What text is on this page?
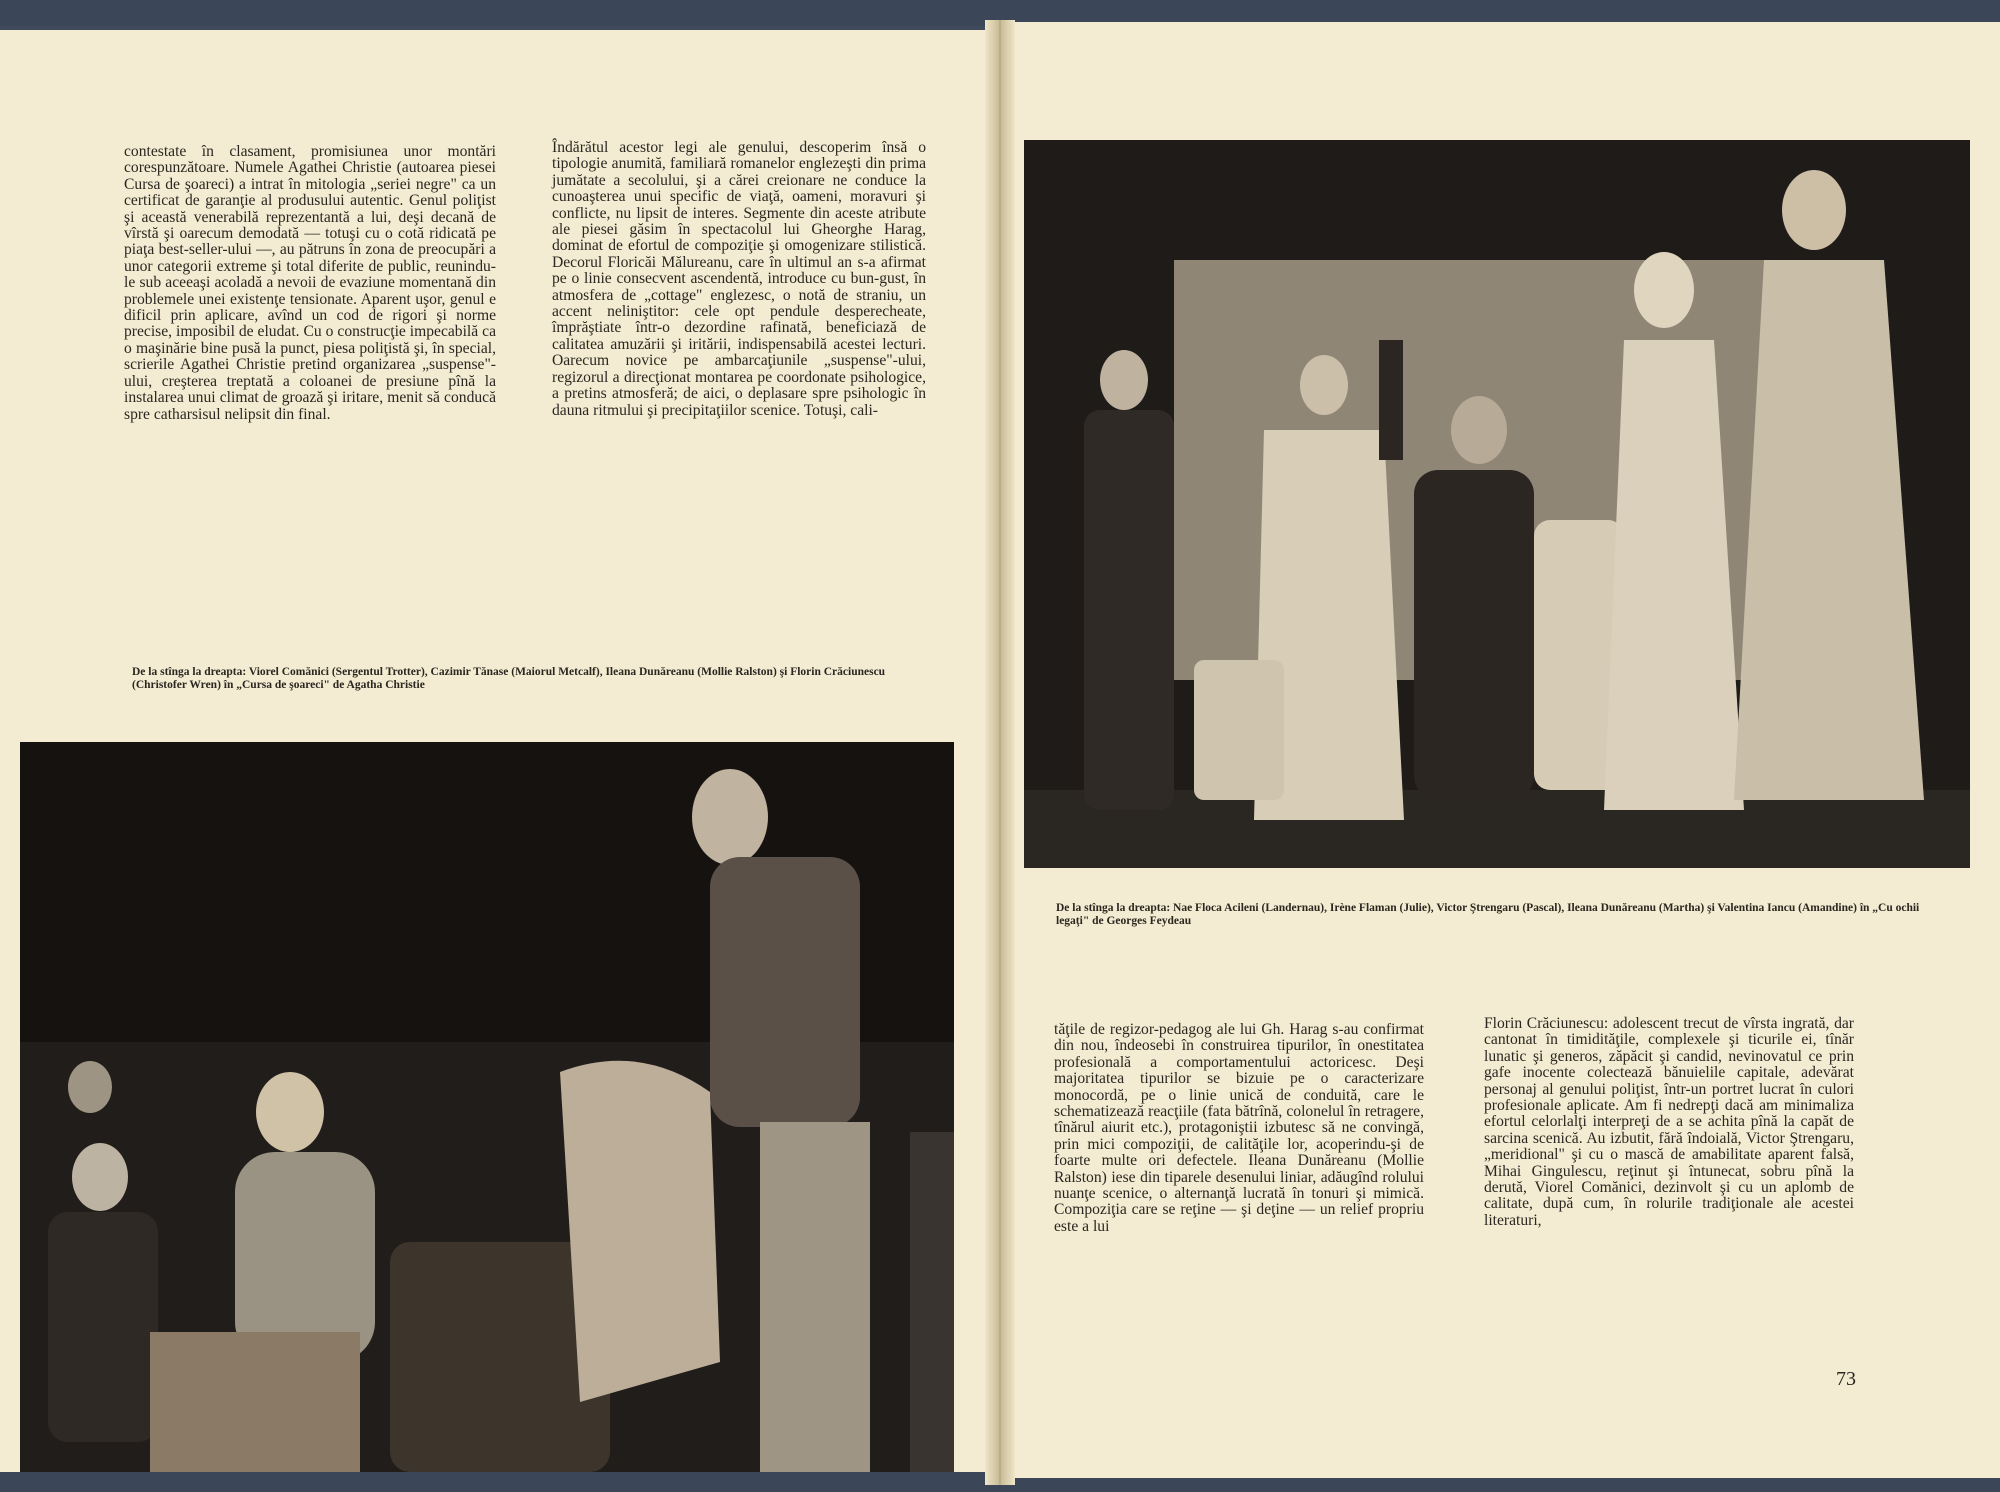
contestate în clasament, promisiunea unor montări corespunzătoare. Numele Agathei Christie (autoarea piesei Cursa de şoareci) a intrat în mitologia „seriei negre" ca un certificat de garanţie al produsului autentic. Genul poliţist şi această venerabilă reprezentantă a lui, deşi decană de vîrstă şi oarecum demodată — totuşi cu o cotă ridicată pe piaţa best-seller-ului —, au pătruns în zona de preocupări a unor categorii extreme şi total diferite de public, reunindu-le sub aceeaşi acoladă a nevoii de evaziune momentană din problemele unei existenţe tensionate. Aparent uşor, genul e dificil prin aplicare, avînd un cod de rigori şi norme precise, imposibil de eludat. Cu o construcţie impecabilă ca o maşinărie bine pusă la punct, piesa poliţistă şi, în special, scrierile Agathei Christie pretind organizarea „suspense"-ului, creşterea treptată a coloanei de presiune pînă la instalarea unui climat de groază şi iritare, menit să conducă spre catharsisul nelipsit din final.

Îndărătul acestor legi ale genului, descoperim însă o tipologie anumită, familiară romanelor englezeşti din prima jumătate a secolului, şi a cărei creionare ne conduce la cunoaşterea unui specific de viaţă, oameni, moravuri şi conflicte, nu lipsit de interes. Segmente din aceste atribute ale piesei găsim în spectacolul lui Gheorghe Harag, dominat de efortul de compoziţie şi omogenizare stilistică. Decorul Floricăi Mălureanu, care în ultimul an s-a afirmat pe o linie consecvent ascendentă, introduce cu bun-gust, în atmosfera de „cottage" englezesc, o notă de straniu, un accent neliniştitor: cele opt pendule desperecheate, împrăştiate într-o dezordine rafinată, beneficiază de calitatea amuzării şi iritării, indispensabilă acestei lecturi. Oarecum novice pe ambarcaţiunile „suspense"-ului, regizorul a direcţionat montarea pe coordonate psihologice, a pretins atmosferă; de aici, o deplasare spre psihologic în dauna ritmului şi precipitaţiilor scenice. Totuşi, cali-

De la stînga la dreapta: Viorel Comănici (Sergentul Trotter), Cazimir Tănase (Maiorul Metcalf), Ileana Dunăreanu (Mollie Ralston) şi Florin Crăciunescu (Christofer Wren) în „Cursa de şoareci" de Agatha Christie
De la stînga la dreapta: Nae Floca Acileni (Landernau), Irène Flaman (Julie), Victor Ştrengaru (Pascal), Ileana Dunăreanu (Martha) şi Valentina Iancu (Amandine) în „Cu ochii legaţi" de Georges Feydeau

tăţile de regizor-pedagog ale lui Gh. Harag s-au confirmat din nou, îndeosebi în construirea tipurilor, în onestitatea profesională a comportamentului actoricesc. Deşi majoritatea tipurilor se bizuie pe o caracterizare monocordă, pe o linie unică de conduită, care le schematizează reacţiile (fata bătrînă, colonelul în retragere, tînărul aiurit etc.), protagoniştii izbutesc să ne convingă, prin mici compoziţii, de calităţile lor, acoperindu-şi de foarte multe ori defectele. Ileana Dunăreanu (Mollie Ralston) iese din tiparele desenului liniar, adăugînd rolului nuanţe scenice, o alternanţă lucrată în tonuri şi mimică. Compoziţia care se reţine — şi deţine — un relief propriu este a lui

Florin Crăciunescu: adolescent trecut de vîrsta ingrată, dar cantonat în timidităţile, complexele şi ticurile ei, tînăr lunatic şi generos, zăpăcit şi candid, nevinovatul ce prin gafe inocente colectează bănuielile capitale, adevărat personaj al genului poliţist, într-un portret lucrat în culori profesionale aplicate. Am fi nedrepţi dacă am minimaliza efortul celorlalţi interpreţi de a se achita pînă la capăt de sarcina scenică. Au izbutit, fără îndoială, Victor Ştrengaru, „meridional" şi cu o mască de amabilitate aparent falsă, Mihai Gingulescu, reţinut şi întunecat, sobru pînă la derută, Viorel Comănici, dezinvolt şi cu un aplomb de calitate, după cum, în rolurile tradiţionale ale acestei literaturi,

73
